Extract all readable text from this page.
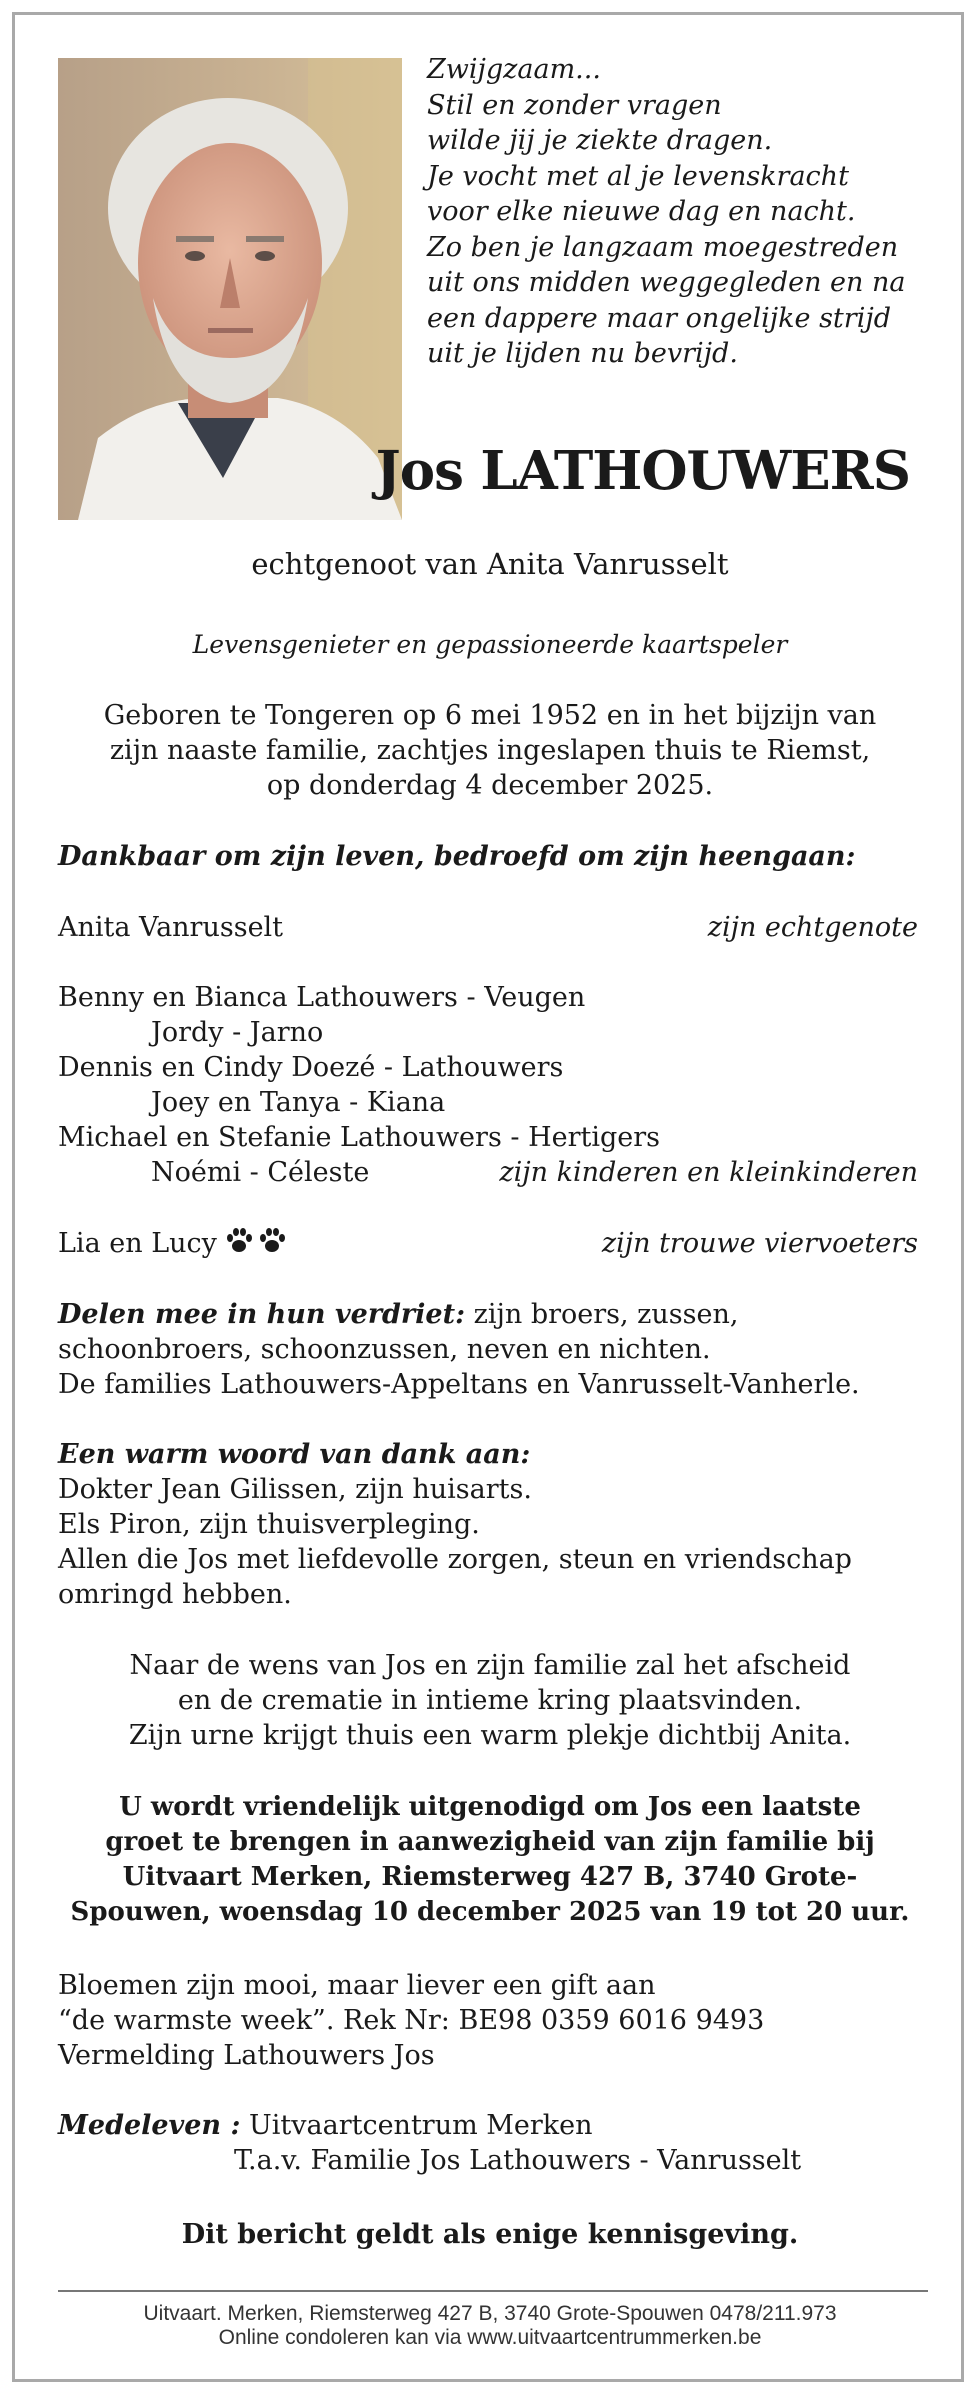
Zwijgzaam...
Stil en zonder vragen
wilde jij je ziekte dragen.
Je vocht met al je levenskracht
voor elke nieuwe dag en nacht.
Zo ben je langzaam moegestreden
uit ons midden weggegleden en na
een dappere maar ongelijke strijd
uit je lijden nu bevrijd.
Jos LATHOUWERS
echtgenoot van Anita Vanrusselt
Levensgenieter en gepassioneerde kaartspeler
Geboren te Tongeren op 6 mei 1952 en in het bijzijn van
zijn naaste familie, zachtjes ingeslapen thuis te Riemst,
op donderdag 4 december 2025.
Dankbaar om zijn leven, bedroefd om zijn heengaan:
Anita Vanrusselt	zijn echtgenote
Benny en Bianca Lathouwers - Veugen
Jordy - Jarno
Dennis en Cindy Doezé - Lathouwers
Joey en Tanya - Kiana
Michael en Stefanie Lathouwers - Hertigers
Noémi - Céleste	zijn kinderen en kleinkinderen
Lia en Lucy	zijn trouwe viervoeters
Delen mee in hun verdriet: zijn broers, zussen,
schoonbroers, schoonzussen, neven en nichten.
De families Lathouwers-Appeltans en Vanrusselt-Vanherle.
Een warm woord van dank aan:
Dokter Jean Gilissen, zijn huisarts.
Els Piron, zijn thuisverpleging.
Allen die Jos met liefdevolle zorgen, steun en vriendschap
omringd hebben.
Naar de wens van Jos en zijn familie zal het afscheid
en de crematie in intieme kring plaatsvinden.
Zijn urne krijgt thuis een warm plekje dichtbij Anita.
U wordt vriendelijk uitgenodigd om Jos een laatste
groet te brengen in aanwezigheid van zijn familie bij
Uitvaart Merken, Riemsterweg 427 B, 3740 Grote-
Spouwen, woensdag 10 december 2025 van 19 tot 20 uur.
Bloemen zijn mooi, maar liever een gift aan
“de warmste week”. Rek Nr: BE98 0359 6016 9493
Vermelding Lathouwers Jos
Medeleven : Uitvaartcentrum Merken
T.a.v. Familie Jos Lathouwers - Vanrusselt
Dit bericht geldt als enige kennisgeving.
Uitvaart. Merken, Riemsterweg 427 B, 3740 Grote-Spouwen 0478/211.973
Online condoleren kan via www.uitvaartcentrummerken.be
